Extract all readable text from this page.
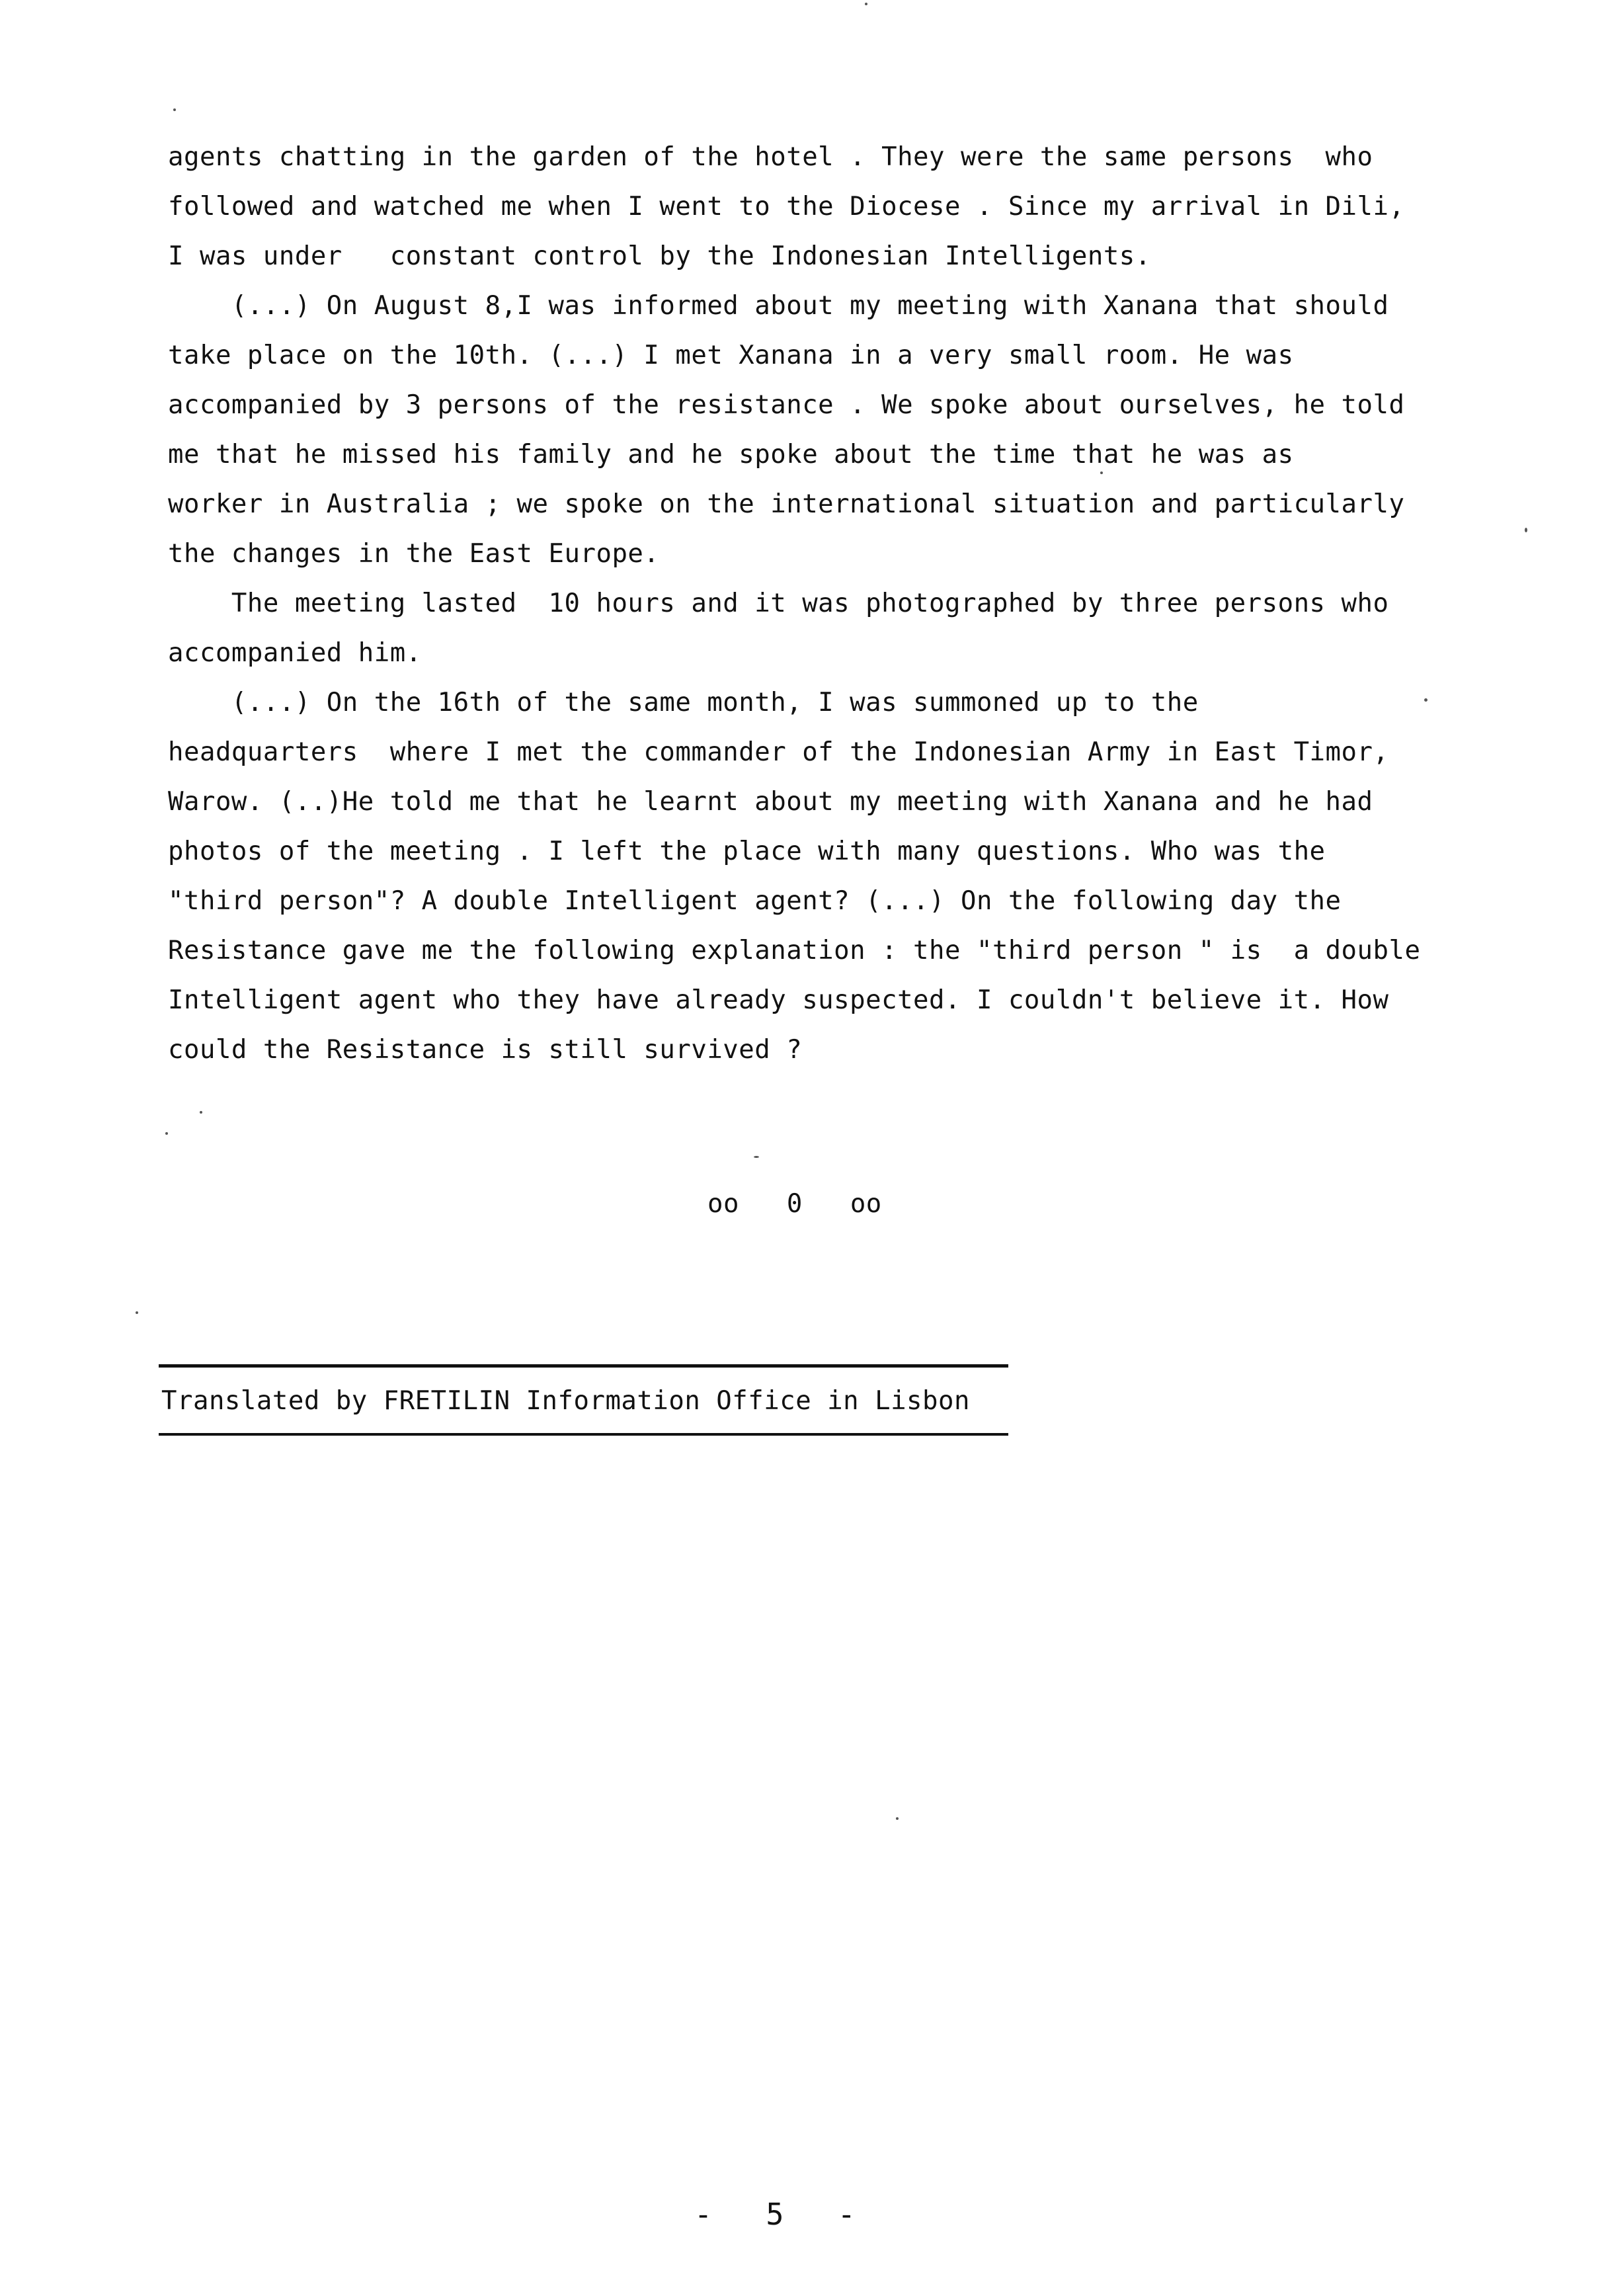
agents chatting in the garden of the hotel . They were the same persons  who
followed and watched me when I went to the Diocese . Since my arrival in Dili,
I was under   constant control by the Indonesian Intelligents.
(...) On August 8,I was informed about my meeting with Xanana that should
take place on the 10th. (...) I met Xanana in a very small room. He was
accompanied by 3 persons of the resistance . We spoke about ourselves, he told
me that he missed his family and he spoke about the time that he was as
worker in Australia ; we spoke on the international situation and particularly
the changes in the East Europe.
The meeting lasted  10 hours and it was photographed by three persons who
accompanied him.
(...) On the 16th of the same month, I was summoned up to the
headquarters  where I met the commander of the Indonesian Army in East Timor,
Warow. (..)He told me that he learnt about my meeting with Xanana and he had
photos of the meeting . I left the place with many questions. Who was the
"third person"? A double Intelligent agent? (...) On the following day the
Resistance gave me the following explanation : the "third person " is  a double
Intelligent agent who they have already suspected. I couldn't believe it. How
could the Resistance is still survived ?
oo   0   oo
Translated by FRETILIN Information Office in Lisbon
-   5   -
